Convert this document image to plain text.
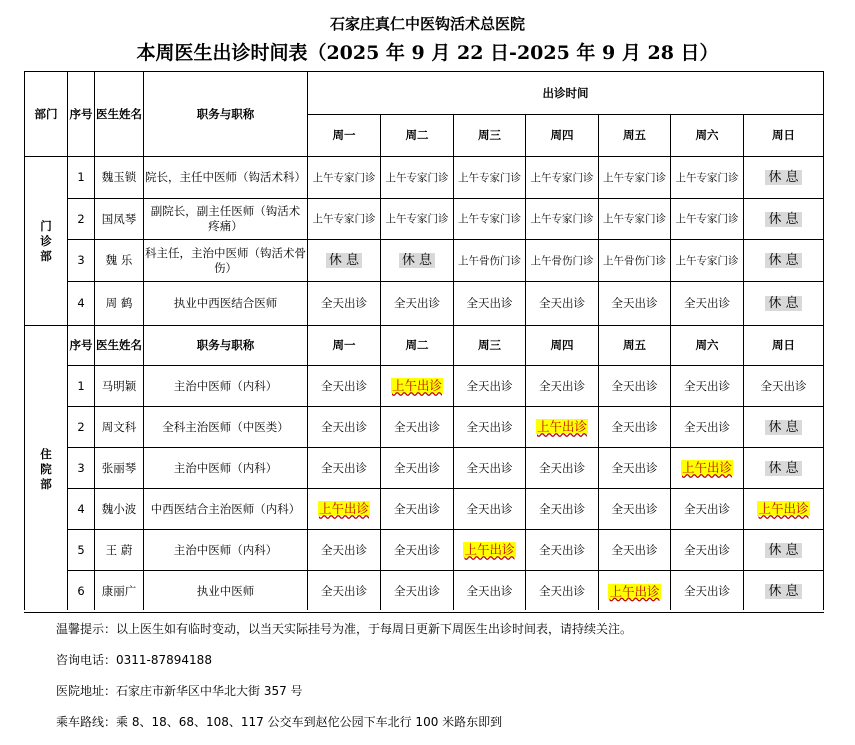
石家庄真仁中医钩活术总医院
本周医生出诊时间表（2025 年 9 月 22 日-2025 年 9 月 28 日）
部门	序号	医生姓名	职务与职称	出诊时间						
				周一	周二	周三	周四	周五	周六	周日

门
诊
部	1	魏玉锁	院长，主任中医师（钩活术科）	上午专家门诊	上午专家门诊	上午专家门诊	上午专家门诊	上午专家门诊	上午专家门诊	休 息
	2	国凤琴	副院长，副主任医师（钩活术 疼痛）	上午专家门诊	上午专家门诊	上午专家门诊	上午专家门诊	上午专家门诊	上午专家门诊	休 息
	3	魏 乐	科主任，主治中医师（钩活术骨伤）	休 息	休 息	上午骨伤门诊	上午骨伤门诊	上午骨伤门诊	上午专家门诊	休 息
	4	周 鹤	执业中西医结合医师	全天出诊	全天出诊	全天出诊	全天出诊	全天出诊	全天出诊	休 息

住
院
部	序号	医生姓名	职务与职称	周一	周二	周三	周四	周五	周六	周日
	1	马明颖	主治中医师（内科）	全天出诊	上午出诊	全天出诊	全天出诊	全天出诊	全天出诊	全天出诊
	2	周文科	全科主治医师（中医类）	全天出诊	全天出诊	全天出诊	上午出诊	全天出诊	全天出诊	休 息
	3	张丽琴	主治中医师（内科）	全天出诊	全天出诊	全天出诊	全天出诊	全天出诊	上午出诊	休 息
	4	魏小波	中西医结合主治医师（内科）	上午出诊	全天出诊	全天出诊	全天出诊	全天出诊	全天出诊	上午出诊
	5	王 蔚	主治中医师（内科）	全天出诊	全天出诊	上午出诊	全天出诊	全天出诊	全天出诊	休 息
	6	康丽广	执业中医师	全天出诊	全天出诊	全天出诊	全天出诊	上午出诊	全天出诊	休 息
温馨提示：以上医生如有临时变动，以当天实际挂号为准，于每周日更新下周医生出诊时间表，请持续关注。
咨询电话：0311-87894188
医院地址：石家庄市新华区中华北大街 357 号
乘车路线：乘 8、18、68、108、117 公交车到赵佗公园下车北行 100 米路东即到
